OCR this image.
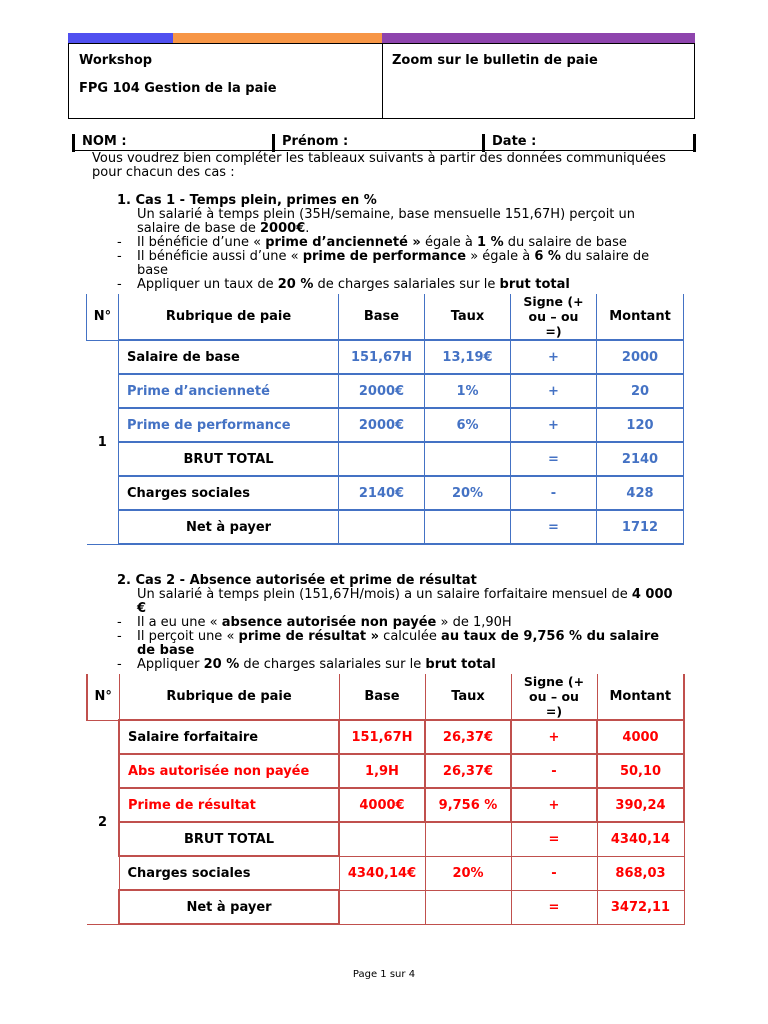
Workshop
FPG 104 Gestion de la paie
Zoom sur le bulletin de paie
NOM :	Prénom :	Date :
Vous voudrez bien compléter les tableaux suivants à partir des données communiquées
pour chacun des cas :
1. Cas 1 - Temps plein, primes en %
Un salarié à temps plein (35H/semaine, base mensuelle 151,67H) perçoit un
salaire de base de 2000€.
- Il bénéficie d’une « prime d’ancienneté » égale à 1 % du salaire de base
- Il bénéficie aussi d’une « prime de performance » égale à 6 % du salaire de
base
- Appliquer un taux de 20 % de charges salariales sur le brut total
N°	Rubrique de paie	Base	Taux	Signe (+
ou – ou
=)	Montant
1	Salaire de base	151,67H	13,19€	+	2000
	Prime d’ancienneté	2000€	1%	+	20
	Prime de performance	2000€	6%	+	120
	BRUT TOTAL			=	2140
	Charges sociales	2140€	20%	-	428
	Net à payer			=	1712
2. Cas 2 - Absence autorisée et prime de résultat
Un salarié à temps plein (151,67H/mois) a un salaire forfaitaire mensuel de 4 000
€
- Il a eu une « absence autorisée non payée » de 1,90H
- Il perçoit une « prime de résultat » calculée au taux de 9,756 % du salaire
de base
- Appliquer 20 % de charges salariales sur le brut total
N°	Rubrique de paie	Base	Taux	Signe (+
ou – ou
=)	Montant
2	Salaire forfaitaire	151,67H	26,37€	+	4000
	Abs autorisée non payée	1,9H	26,37€	-	50,10
	Prime de résultat	4000€	9,756 %	+	390,24
	BRUT TOTAL			=	4340,14
	Charges sociales	4340,14€	20%	-	868,03
	Net à payer			=	3472,11
Page 1 sur 4
